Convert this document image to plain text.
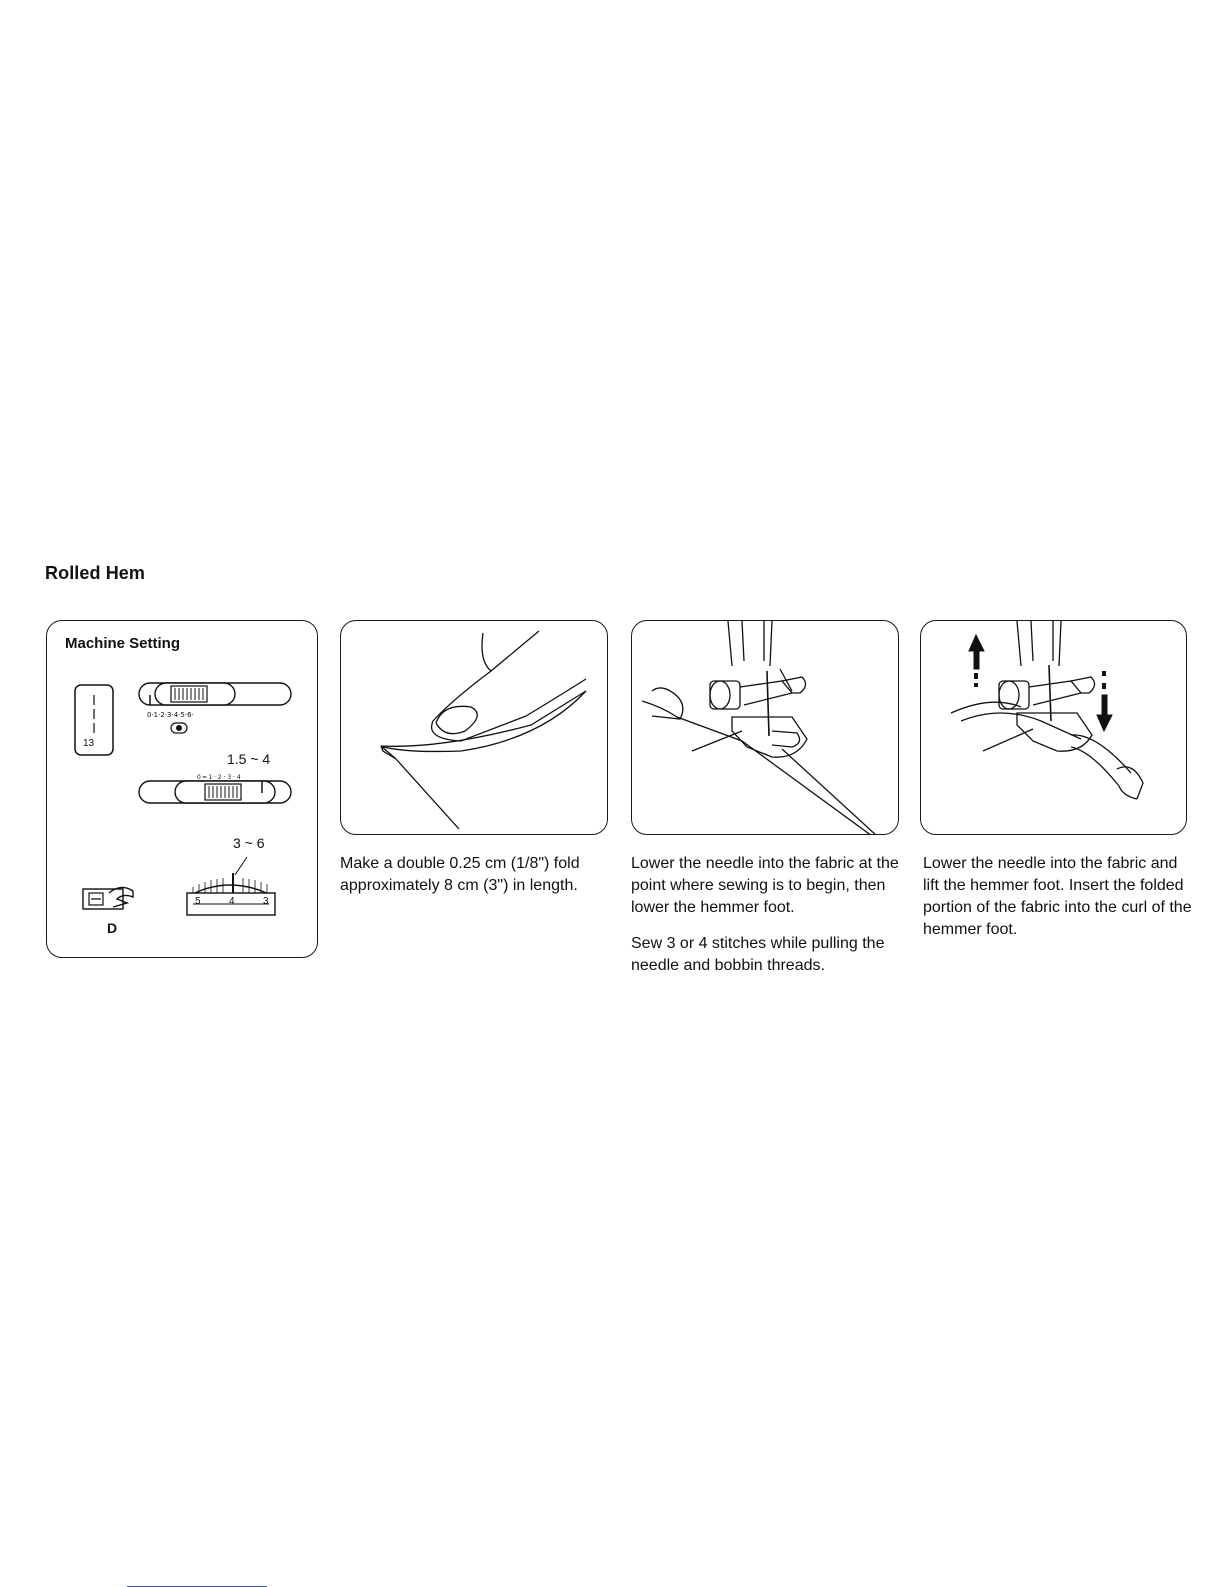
Rolled Hem
Machine Setting
0·1·2·3·4·5·6·
0 ━ 1 · 2 · 3 · 4
13
1.5 ~ 4
3 ~ 6
5	4	3
D

Make a double 0.25 cm (1/8") fold approximately 8 cm (3") in length.

Lower the needle into the fabric at the point where sewing is to begin, then lower the hemmer foot.

Sew 3 or 4 stitches while pulling the needle and bobbin threads.

Lower the needle into the fabric and lift the hemmer foot. Insert the folded portion of the fabric into the curl of the hemmer foot.
